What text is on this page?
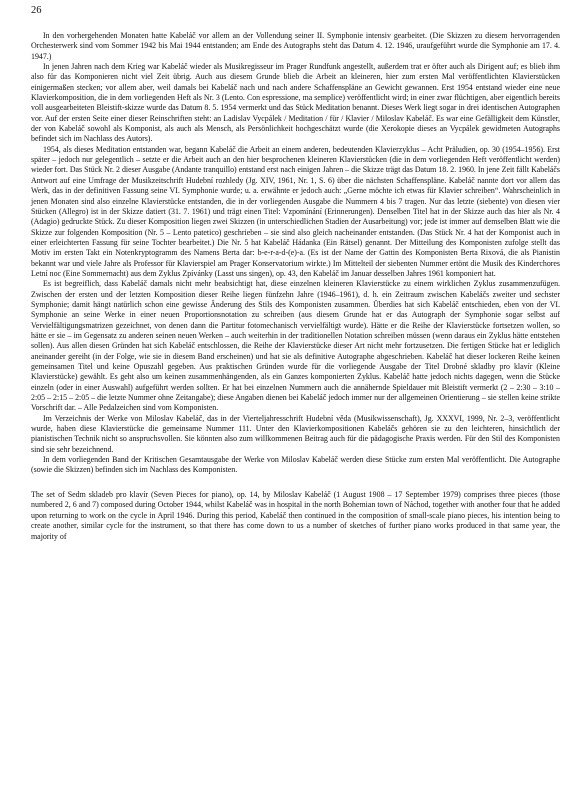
26

In den vorhergehenden Monaten hatte Kabeláč vor allem an der Vollendung seiner II. Symphonie intensiv gearbeitet. (Die Skizzen zu diesem hervorragenden Orchesterwerk sind vom Sommer 1942 bis Mai 1944 entstanden; am Ende des Autographs steht das Datum 4. 12. 1946, uraufgeführt wurde die Symphonie am 17. 4. 1947.)

In jenen Jahren nach dem Krieg war Kabeláč wieder als Musikregisseur im Prager Rundfunk angestellt, außerdem trat er öfter auch als Dirigent auf; es blieb ihm also für das Komponieren nicht viel Zeit übrig. Auch aus diesem Grunde blieb die Arbeit an kleineren, hier zum ersten Mal veröffentlichten Klavierstücken einigermaßen stecken; vor allem aber, weil damals bei Kabeláč nach und nach andere Schaffenspläne an Gewicht gewannen. Erst 1954 entstand wieder eine neue Klavierkomposition, die in dem vorliegenden Heft als Nr. 3 (Lento. Con espressione, ma semplice) veröffentlicht wird; in einer zwar flüchtigen, aber eigentlich bereits voll ausgearbeiteten Bleistift-skizze wurde das Datum 8. 5. 1954 vermerkt und das Stück Meditation benannt. Dieses Werk liegt sogar in drei identischen Autographen vor. Auf der ersten Seite einer dieser Reinschriften steht: an Ladislav Vycpálek / Meditation / für / Klavier / Miloslav Kabeláč. Es war eine Gefälligkeit dem Künstler, der von Kabeláč sowohl als Komponist, als auch als Mensch, als Persönlichkeit hochgeschätzt wurde (die Xerokopie dieses an Vycpálek gewidmeten Autographs befindet sich im Nachlass des Autors).

1954, als dieses Meditation entstanden war, begann Kabeláč die Arbeit an einem anderen, bedeutenden Klavierzyklus – Acht Präludien, op. 30 (1954–1956). Erst später – jedoch nur gelegentlich – setzte er die Arbeit auch an den hier besprochenen kleineren Klavierstücken (die in dem vorliegenden Heft veröffentlicht werden) wieder fort. Das Stück Nr. 2 dieser Ausgabe (Andante tranquillo) entstand erst nach einigen Jahren – die Skizze trägt das Datum 18. 2. 1960. In jene Zeit fällt Kabeláčs Antwort auf eine Umfrage der Musikzeitschrift Hudební rozhledy (Jg. XIV, 1961, Nr. 1, S. 6) über die nächsten Schaffenspläne. Kabeláč nannte dort vor allem das Werk, das in der definitiven Fassung seine VI. Symphonie wurde; u. a. erwähnte er jedoch auch: „Gerne möchte ich etwas für Klavier schreiben“. Wahrscheinlich in jenen Monaten sind also einzelne Klavierstücke entstanden, die in der vorliegenden Ausgabe die Nummern 4 bis 7 tragen. Nur das letzte (siebente) von diesen vier Stücken (Allegro) ist in der Skizze datiert (31. 7. 1961) und trägt einen Titel: Vzpomínání (Erinnerungen). Denselben Titel hat in der Skizze auch das hier als Nr. 4 (Adagio) gedruckte Stück. Zu dieser Komposition liegen zwei Skizzen (in unterschiedlichen Stadien der Ausarbeitung) vor; jede ist immer auf demselben Blatt wie die Skizze zur folgenden Komposition (Nr. 5 – Lento patetico) geschrieben – sie sind also gleich nacheinander entstanden. (Das Stück Nr. 4 hat der Komponist auch in einer erleichterten Fassung für seine Tochter bearbeitet.) Die Nr. 5 hat Kabeláč Hádanka (Ein Rätsel) genannt. Der Mitteilung des Komponisten zufolge stellt das Motiv im ersten Takt ein Notenkryptogramm des Namens Berta dar: b-e-r-a-d-(e)-a. (Es ist der Name der Gattin des Komponisten Berta Rixová, die als Pianistin bekannt war und viele Jahre als Professor für Klavierspiel am Prager Konservatorium wirkte.) Im Mittelteil der siebenten Nummer ertönt die Musik des Kinderchores Letní noc (Eine Sommernacht) aus dem Zyklus Zpívánky (Lasst uns singen), op. 43, den Kabeláč im Januar desselben Jahres 1961 komponiert hat.

Es ist begreiflich, dass Kabeláč damals nicht mehr beabsichtigt hat, diese einzelnen kleineren Klavierstücke zu einem wirklichen Zyklus zusammenzufügen. Zwischen der ersten und der letzten Komposition dieser Reihe liegen fünfzehn Jahre (1946–1961), d. h. ein Zeitraum zwischen Kabeláčs zweiter und sechster Symphonie; damit hängt natürlich schon eine gewisse Änderung des Stils des Komponisten zusammen. Überdies hat sich Kabeláč entschieden, eben von der VI. Symphonie an seine Werke in einer neuen Proportionsnotation zu schreiben (aus diesem Grunde hat er das Autograph der Symphonie sogar selbst auf Vervielfältigungsmatrizen gezeichnet, von denen dann die Partitur fotomechanisch vervielfältigt wurde). Hätte er die Reihe der Klavierstücke fortsetzen wollen, so hätte er sie – im Gegensatz zu anderen seinen neuen Werken – auch weiterhin in der traditionellen Notation schreiben müssen (wenn daraus ein Zyklus hätte entstehen sollen). Aus allen diesen Gründen hat sich Kabeláč entschlossen, die Reihe der Klavierstücke dieser Art nicht mehr fortzusetzen. Die fertigen Stücke hat er lediglich aneinander gereiht (in der Folge, wie sie in diesem Band erscheinen) und hat sie als definitive Autographe abgeschrieben. Kabeláč hat dieser lockeren Reihe keinen gemeinsamen Titel und keine Opuszahl gegeben. Aus praktischen Gründen wurde für die vorliegende Ausgabe der Titel Drobné skladby pro klavír (Kleine Klavierstücke) gewählt. Es geht also um keinen zusammenhängenden, als ein Ganzes komponierten Zyklus. Kabeláč hatte jedoch nichts dagegen, wenn die Stücke einzeln (oder in einer Auswahl) aufgeführt werden sollten. Er hat bei einzelnen Nummern auch die annähernde Spieldauer mit Bleistift vermerkt (2 – 2:30 – 3:10 – 2:05 – 2:15 – 2:05 – die letzte Nummer ohne Zeitangabe); diese Angaben dienen bei Kabeláč jedoch immer nur der allgemeinen Orientierung – sie stellen keine strikte Vorschrift dar. – Alle Pedalzeichen sind vom Komponisten.

Im Verzeichnis der Werke von Miloslav Kabeláč, das in der Vierteljahresschrift Hudební věda (Musikwissenschaft), Jg. XXXVI, 1999, Nr. 2–3, veröffentlicht wurde, haben diese Klavierstücke die gemeinsame Nummer 111. Unter den Klavierkompositionen Kabeláčs gehören sie zu den leichteren, hinsichtlich der pianistischen Technik nicht so anspruchsvollen. Sie könnten also zum willkommenen Beitrag auch für die pädagogische Praxis werden. Für den Stil des Komponisten sind sie sehr bezeichnend.

In dem vorliegenden Band der Kritischen Gesamtausgabe der Werke von Miloslav Kabeláč werden diese Stücke zum ersten Mal veröffentlicht. Die Autographe (sowie die Skizzen) befinden sich im Nachlass des Komponisten.

The set of Sedm skladeb pro klavír (Seven Pieces for piano), op. 14, by Miloslav Kabeláč (1 August 1908 – 17 September 1979) comprises three pieces (those numbered 2, 6 and 7) composed during October 1944, whilst Kabeláč was in hospital in the north Bohemian town of Náchod, together with another four that he added upon returning to work on the cycle in April 1946. During this period, Kabeláč then continued in the composition of small-scale piano pieces, his intention being to create another, similar cycle for the instrument, so that there has come down to us a number of sketches of further piano works produced in that same year, the majority of
